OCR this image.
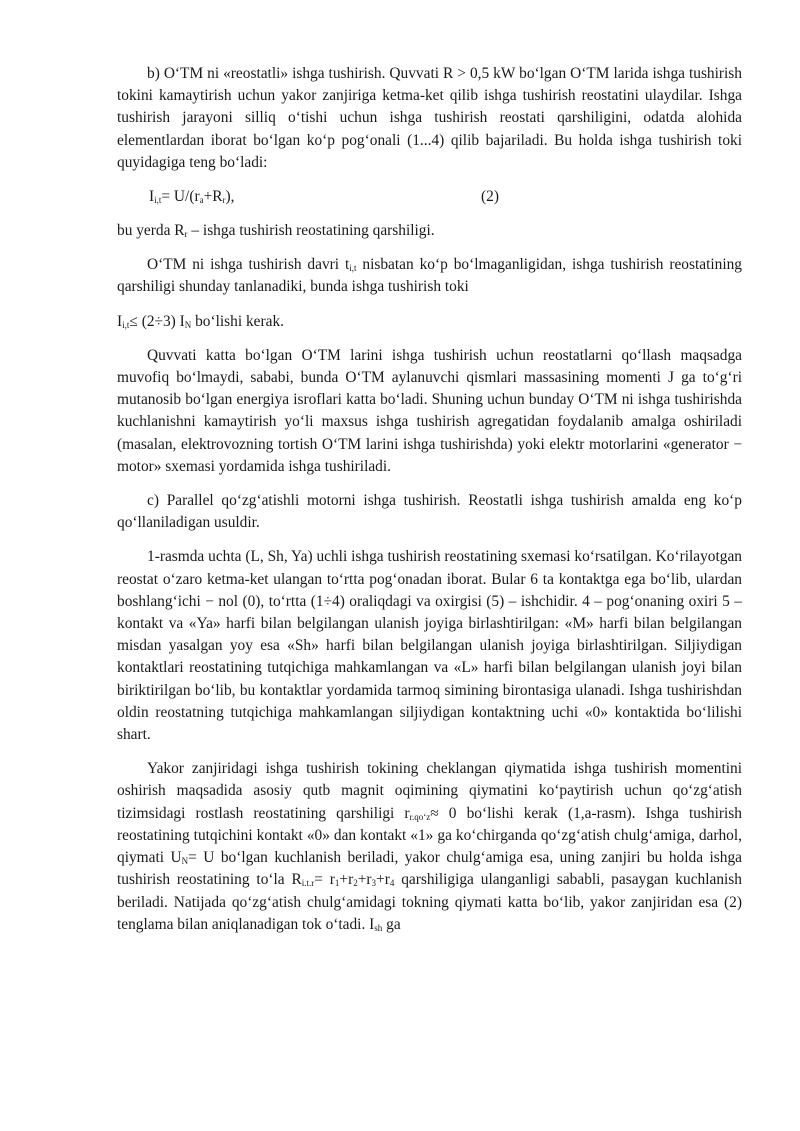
b) O‘TM ni «reostatli» ishga tushirish. Quvvati R > 0,5 kW bo‘lgan O‘TM larida ishga tushirish tokini kamaytirish uchun yakor zanjiriga ketma-ket qilib ishga tushirish reostatini ulaydilar. Ishga tushirish jarayoni silliq o‘tishi uchun ishga tushirish reostati qarshiligini, odatda alohida elementlardan iborat bo‘lgan ko‘p pog‘onali (1...4) qilib bajariladi. Bu holda ishga tushirish toki quyidagiga teng bo‘ladi:

$I_{i,t}= U/(r_a+R_r)$,	(2)

bu yerda $R_r$ – ishga tushirish reostatining qarshiligi.

O‘TM ni ishga tushirish davri $t_{i,t}$ nisbatan ko‘p bo‘lmaganligidan, ishga tushirish reostatining qarshiligi shunday tanlanadiki, bunda ishga tushirish toki

$I_{i,t}\le (2\div 3)$ $I_N$ bo‘lishi kerak.

Quvvati katta bo‘lgan O‘TM larini ishga tushirish uchun reostatlarni qo‘llash maqsadga muvofiq bo‘lmaydi, sababi, bunda O‘TM aylanuvchi qismlari massasining momenti J ga to‘g‘ri mutanosib bo‘lgan energiya isroflari katta bo‘ladi. Shuning uchun bunday O‘TM ni ishga tushirishda kuchlanishni kamaytirish yo‘li maxsus ishga tushirish agregatidan foydalanib amalga oshiriladi (masalan, elektrovozning tortish O‘TM larini ishga tushirishda) yoki elektr motorlarini «generator − motor» sxemasi yordamida ishga tushiriladi.

c) Parallel qo‘zg‘atishli motorni ishga tushirish. Reostatli ishga tushirish amalda eng ko‘p qo‘llaniladigan usuldir.

1-rasmda uchta (L, Sh, Ya) uchli ishga tushirish reostatining sxemasi ko‘rsatilgan. Ko‘rilayotgan reostat o‘zaro ketma-ket ulangan to‘rtta pog‘onadan iborat. Bular 6 ta kontaktga ega bo‘lib, ulardan boshlang‘ichi − nol (0), to‘rtta (1÷4) oraliqdagi va oxirgisi (5) – ishchidir. 4 – pog‘onaning oxiri 5 –kontakt va «Ya» harfi bilan belgilangan ulanish joyiga birlashtirilgan: «M» harfi bilan belgilangan misdan yasalgan yoy esa «Sh» harfi bilan belgilangan ulanish joyiga birlashtirilgan. Siljiydigan kontaktlari reostatining tutqichiga mahkamlangan va «L» harfi bilan belgilangan ulanish joyi bilan biriktirilgan bo‘lib, bu kontaktlar yordamida tarmoq simining birontasiga ulanadi. Ishga tushirishdan oldin reostatning tutqichiga mahkamlangan siljiydigan kontaktning uchi «0» kontaktida bo‘lilishi shart.

Yakor zanjiridagi ishga tushirish tokining cheklangan qiymatida ishga tushirish momentini oshirish maqsadida asosiy qutb magnit oqimining qiymatini ko‘paytirish uchun qo‘zg‘atish tizimsidagi rostlash reostatining qarshiligi $r_{r.qo‘z}\approx 0$ bo‘lishi kerak (1,a-rasm). Ishga tushirish reostatining tutqichini kontakt «0» dan kontakt «1» ga ko‘chirganda qo‘zg‘atish chulg‘amiga, darhol, qiymati $U_N= U$ bo‘lgan kuchlanish beriladi, yakor chulg‘amiga esa, uning zanjiri bu holda ishga tushirish reostatining to‘la $R_{i.t.r}= r_1+r_2+r_3+r_4$ qarshiligiga ulanganligi sababli, pasaygan kuchlanish beriladi. Natijada qo‘zg‘atish chulg‘amidagi tokning qiymati katta bo‘lib, yakor zanjiridan esa (2) tenglama bilan aniqlanadigan tok o‘tadi. $I_{sh}$ ga
